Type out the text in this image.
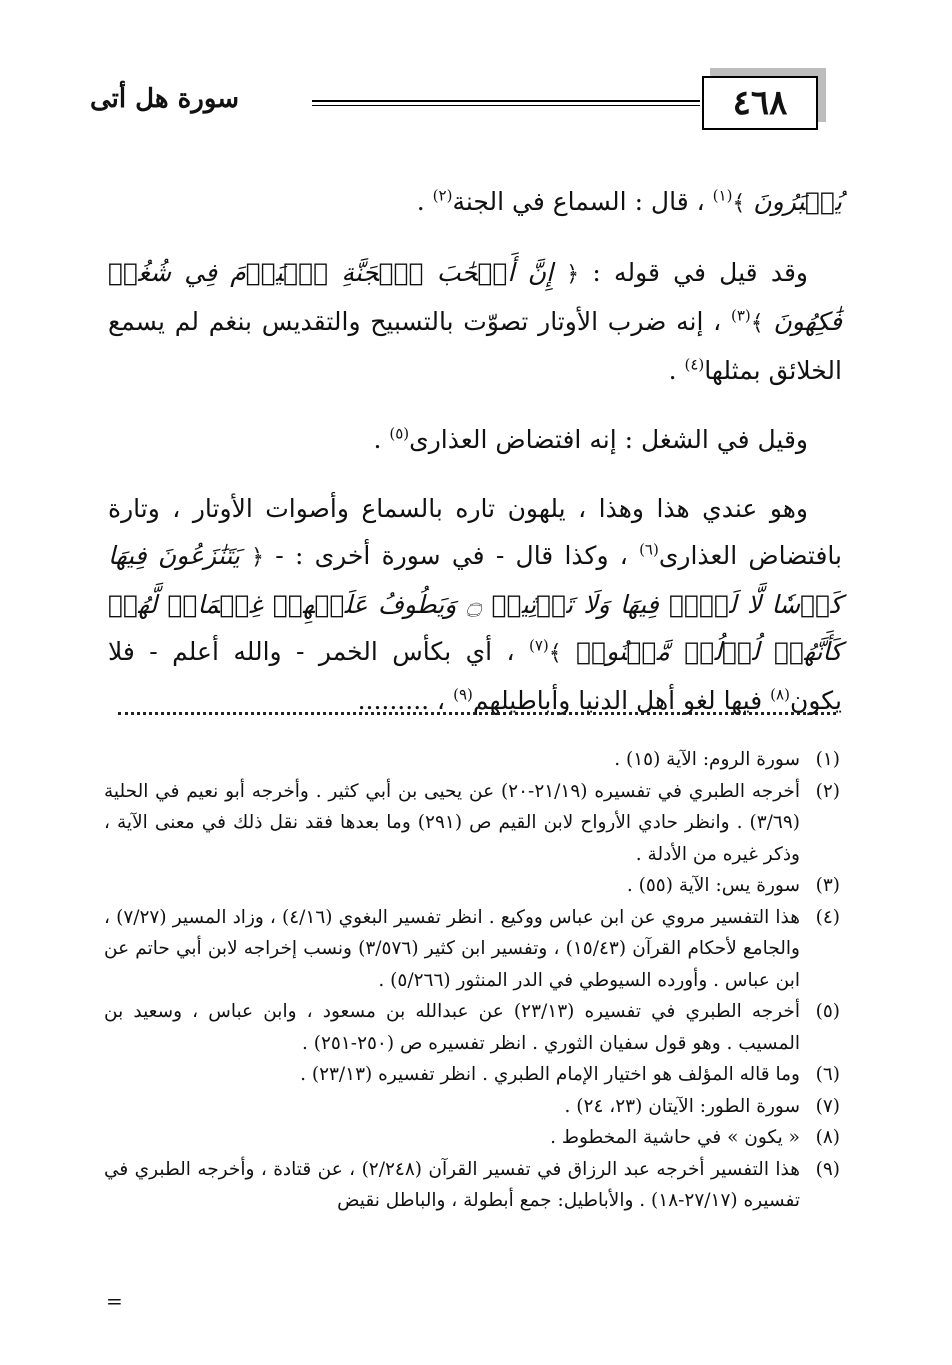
٤٦٨
سورة هل أتى

يُحۡبَرُونَ ﴾$^{(١)}$ ، قال : السماع في الجنة$^{(٢)}$ .

وقد قيل في قوله : ﴿ إِنَّ أَصۡحَٰبَ ٱلۡجَنَّةِ ٱلۡيَوۡمَ فِي شُغُلٖ فَٰكِهُونَ ﴾$^{(٣)}$ ، إنه ضرب الأوتار تصوّت بالتسبيح والتقديس بنغم لم يسمع الخلائق بمثلها$^{(٤)}$ .

وقيل في الشغل : إنه افتضاض العذارى$^{(٥)}$ .

وهو عندي هذا وهذا ، يلهون تاره بالسماع وأصوات الأوتار ، وتارة بافتضاض العذارى$^{(٦)}$ ، وكذا قال - في سورة أخرى : - ﴿ يَتَنَٰزَعُونَ فِيهَا كَأۡسٗا لَّا لَغۡوٞ فِيهَا وَلَا تَأۡثِيمٞ ۝ وَيَطُوفُ عَلَيۡهِمۡ غِلۡمَانٞ لَّهُمۡ كَأَنَّهُمۡ لُؤۡلُؤٞ مَّكۡنُونٞ ﴾$^{(٧)}$ ، أي بكأس الخمر - والله أعلم - فلا يكون$^{(٨)}$ فيها لغو أهل الدنيا وأباطيلهم$^{(٩)}$ ، .........

(١)
سورة الروم: الآية (١٥) .
(٢)
أخرجه الطبري في تفسيره (٢١/١٩-٢٠) عن يحيى بن أبي كثير . وأخرجه أبو نعيم في الحلية (٣/٦٩) . وانظر حادي الأرواح لابن القيم ص (٢٩١) وما بعدها فقد نقل ذلك في معنى الآية ، وذكر غيره من الأدلة .
(٣)
سورة يس: الآية (٥٥) .
(٤)
هذا التفسير مروي عن ابن عباس ووكيع . انظر تفسير البغوي (٤/١٦) ، وزاد المسير (٧/٢٧) ، والجامع لأحكام القرآن (١٥/٤٣) ، وتفسير ابن كثير (٣/٥٧٦) ونسب إخراجه لابن أبي حاتم عن ابن عباس . وأورده السيوطي في الدر المنثور (٥/٢٦٦) .
(٥)
أخرجه الطبري في تفسيره (٢٣/١٣) عن عبدالله بن مسعود ، وابن عباس ، وسعيد بن المسيب . وهو قول سفيان الثوري . انظر تفسيره ص (٢٥٠-٢٥١) .
(٦)
وما قاله المؤلف هو اختيار الإمام الطبري . انظر تفسيره (٢٣/١٣) .
(٧)
سورة الطور: الآيتان (٢٣، ٢٤) .
(٨)
« يكون » في حاشية المخطوط .
(٩)
هذا التفسير أخرجه عبد الرزاق في تفسير القرآن (٢/٢٤٨) ، عن قتادة ، وأخرجه الطبري في تفسيره (٢٧/١٧-١٨) . والأباطيل: جمع أبطولة ، والباطل نقيض
=
